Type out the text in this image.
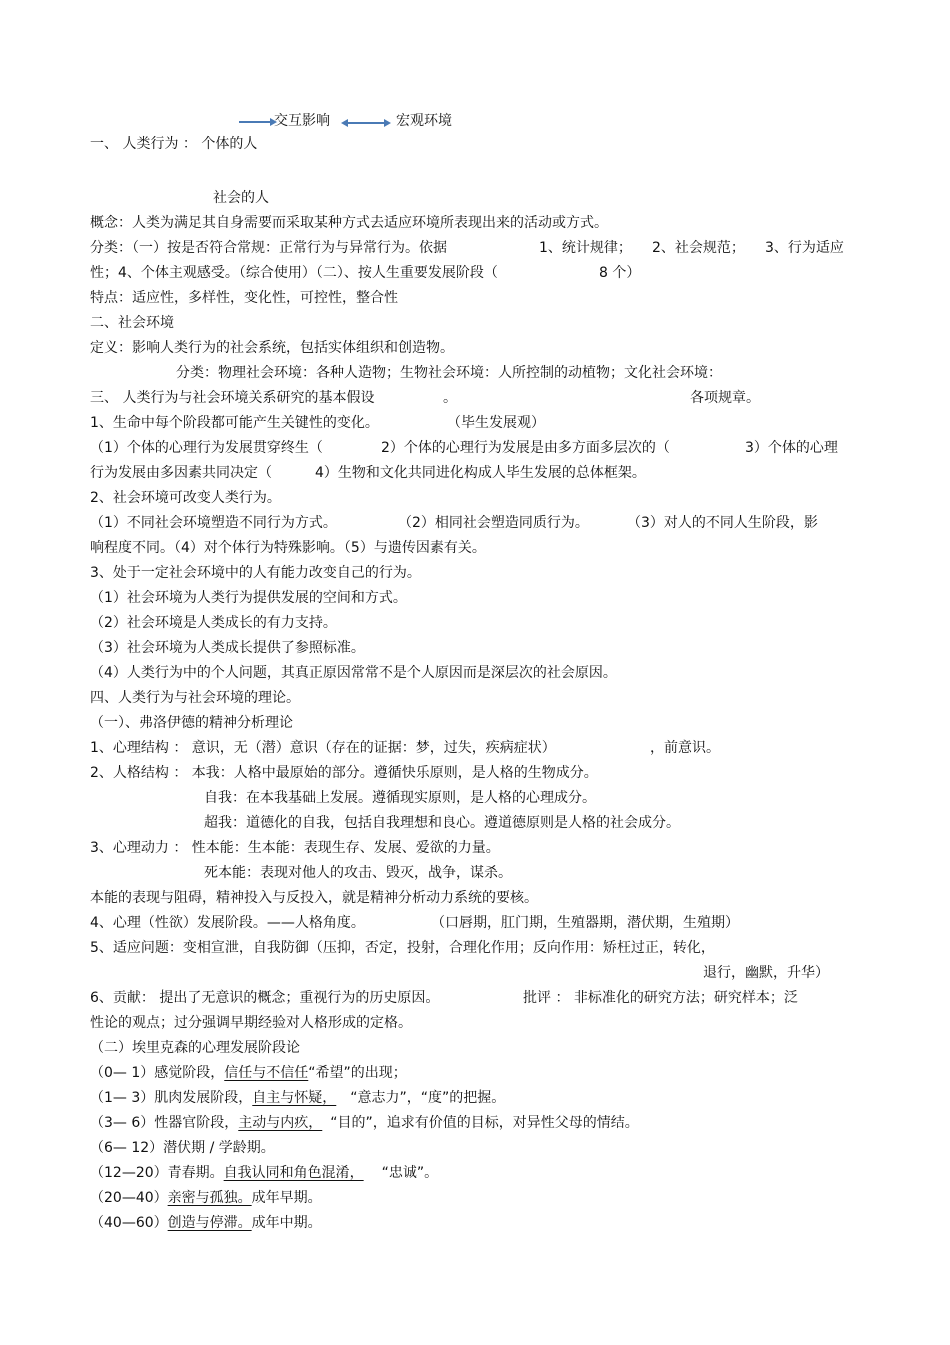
交互影响	宏观环境
一、 人类行为 ： 个体的人
社会的人
概念：人类为满足其自身需要而采取某种方式去适应环境所表现出来的活动或方式。
分类：（一）按是否符合常规：正常行为与异常行为。依据	1、统计规律； 2、社会规范； 3、行为适应
性；4、个体主观感受。（综合使用）（二）、按人生重要发展阶段（	8 个）
特点：适应性，多样性，变化性，可控性，整合性
二、社会环境
定义：影响人类行为的社会系统，包括实体组织和创造物。
分类：物理社会环境：各种人造物；生物社会环境：人所控制的动植物；文化社会环境：
三、 人类行为与社会环境关系研究的基本假设	。	各项规章。
1、生命中每个阶段都可能产生关键性的变化。	（毕生发展观）
（1）个体的心理行为发展贯穿终生（	2）个体的心理行为发展是由多方面多层次的（	3）个体的心理
行为发展由多因素共同决定（	4）生物和文化共同进化构成人毕生发展的总体框架。
2、社会环境可改变人类行为。
（1）不同社会环境塑造不同行为方式。	（2）相同社会塑造同质行为。	（3）对人的不同人生阶段，影
响程度不同。（4）对个体行为特殊影响。（5）与遗传因素有关。
3、处于一定社会环境中的人有能力改变自己的行为。
（1）社会环境为人类行为提供发展的空间和方式。
（2）社会环境是人类成长的有力支持。
（3）社会环境为人类成长提供了参照标准。
（4）人类行为中的个人问题，其真正原因常常不是个人原因而是深层次的社会原因。
四、人类行为与社会环境的理论。
（一）、弗洛伊德的精神分析理论
1、心理结构 ： 意识，无（潜）意识（存在的证据：梦，过失，疾病症状）	，前意识。
2、人格结构 ： 本我：人格中最原始的部分。遵循快乐原则，是人格的生物成分。
自我：在本我基础上发展。遵循现实原则，是人格的心理成分。
超我：道德化的自我，包括自我理想和良心。遵道德原则是人格的社会成分。
3、心理动力 ： 性本能：生本能：表现生存、发展、爱欲的力量。
死本能：表现对他人的攻击、毁灭，战争，谋杀。
本能的表现与阻碍，精神投入与反投入，就是精神分析动力系统的要核。
4、心理（性欲）发展阶段。——人格角度。	（口唇期，肛门期，生殖器期，潜伏期，生殖期）
5、适应问题：变相宣泄，自我防御（压抑，否定，投射，合理化作用；反向作用：矫枉过正，转化，
退行，幽默，升华）
6、贡献： 提出了无意识的概念；重视行为的历史原因。	批评 ： 非标准化的研究方法；研究样本；泛
性论的观点；过分强调早期经验对人格形成的定格。
（二）埃里克森的心理发展阶段论
（0— 1）感觉阶段，信任与不信任“希望”的出现；
（1— 3）肌肉发展阶段，自主与怀疑， “意志力”，“度”的把握。
（3— 6）性器官阶段，主动与内疚， “目的”，追求有价值的目标，对异性父母的情结。
（6— 12）潜伏期 / 学龄期。
（12—20）青春期。自我认同和角色混淆， “忠诚”。
（20—40）亲密与孤独。成年早期。
（40—60）创造与停滞。成年中期。
